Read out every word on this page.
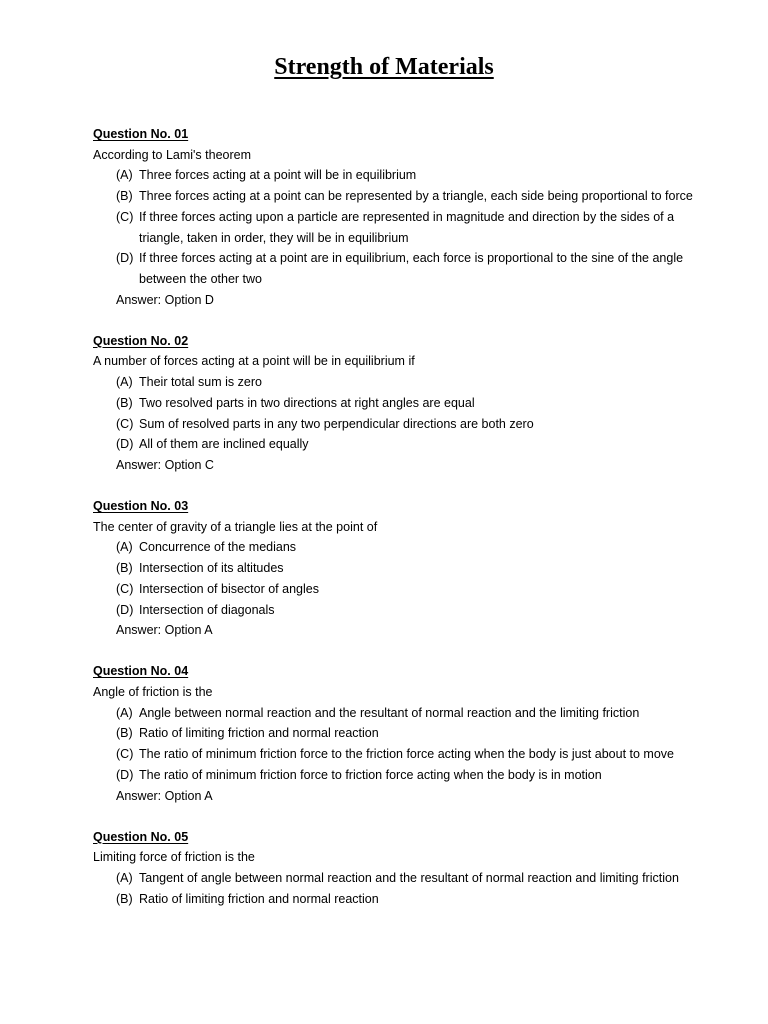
Strength of Materials
Question No. 01
According to Lami's theorem
(A) Three forces acting at a point will be in equilibrium
(B) Three forces acting at a point can be represented by a triangle, each side being proportional to force
(C) If three forces acting upon a particle are represented in magnitude and direction by the sides of a triangle, taken in order, they will be in equilibrium
(D) If three forces acting at a point are in equilibrium, each force is proportional to the sine of the angle between the other two
Answer: Option D
Question No. 02
A number of forces acting at a point will be in equilibrium if
(A) Their total sum is zero
(B) Two resolved parts in two directions at right angles are equal
(C) Sum of resolved parts in any two perpendicular directions are both zero
(D) All of them are inclined equally
Answer: Option C
Question No. 03
The center of gravity of a triangle lies at the point of
(A) Concurrence of the medians
(B) Intersection of its altitudes
(C) Intersection of bisector of angles
(D) Intersection of diagonals
Answer: Option A
Question No. 04
Angle of friction is the
(A) Angle between normal reaction and the resultant of normal reaction and the limiting friction
(B) Ratio of limiting friction and normal reaction
(C) The ratio of minimum friction force to the friction force acting when the body is just about to move
(D) The ratio of minimum friction force to friction force acting when the body is in motion
Answer: Option A
Question No. 05
Limiting force of friction is the
(A) Tangent of angle between normal reaction and the resultant of normal reaction and limiting friction
(B) Ratio of limiting friction and normal reaction
